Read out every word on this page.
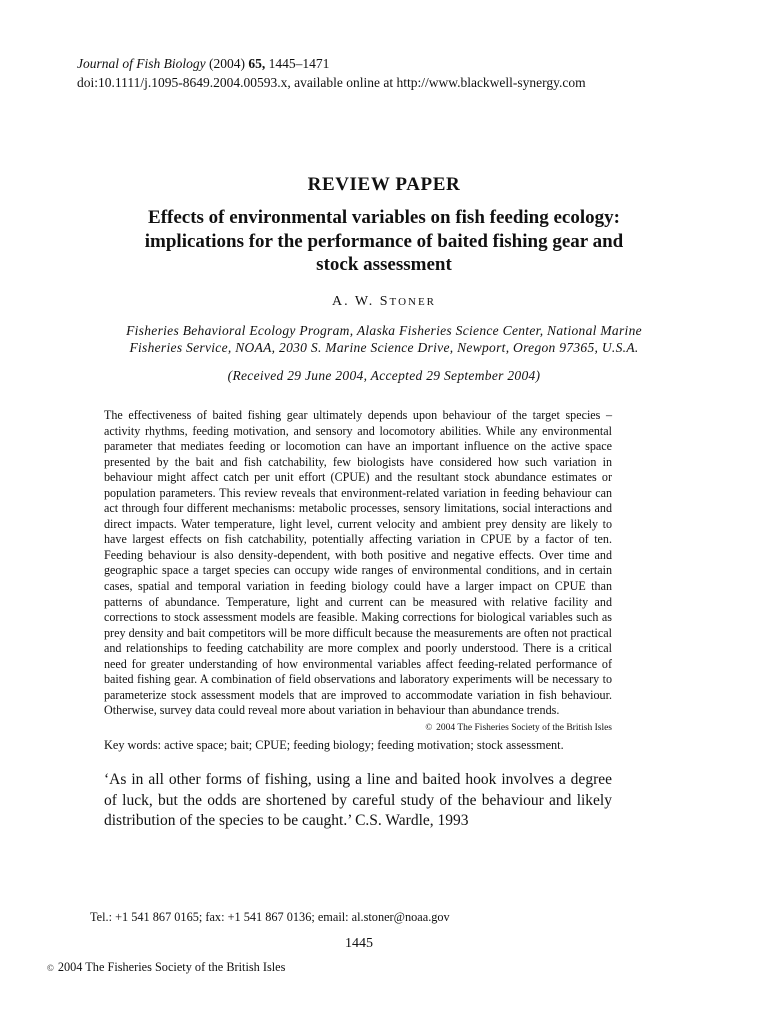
Journal of Fish Biology (2004) 65, 1445–1471
doi:10.1111/j.1095-8649.2004.00593.x, available online at http://www.blackwell-synergy.com
REVIEW PAPER
Effects of environmental variables on fish feeding ecology: implications for the performance of baited fishing gear and stock assessment
A. W. STONER
Fisheries Behavioral Ecology Program, Alaska Fisheries Science Center, National Marine Fisheries Service, NOAA, 2030 S. Marine Science Drive, Newport, Oregon 97365, U.S.A.
(Received 29 June 2004, Accepted 29 September 2004)
The effectiveness of baited fishing gear ultimately depends upon behaviour of the target species – activity rhythms, feeding motivation, and sensory and locomotory abilities. While any environmental parameter that mediates feeding or locomotion can have an important influence on the active space presented by the bait and fish catchability, few biologists have considered how such variation in behaviour might affect catch per unit effort (CPUE) and the resultant stock abundance estimates or population parameters. This review reveals that environment-related variation in feeding behaviour can act through four different mechanisms: metabolic processes, sensory limitations, social interactions and direct impacts. Water temperature, light level, current velocity and ambient prey density are likely to have largest effects on fish catchability, potentially affecting variation in CPUE by a factor of ten. Feeding behaviour is also density-dependent, with both positive and negative effects. Over time and geographic space a target species can occupy wide ranges of environmental conditions, and in certain cases, spatial and temporal variation in feeding biology could have a larger impact on CPUE than patterns of abundance. Temperature, light and current can be measured with relative facility and corrections to stock assessment models are feasible. Making corrections for biological variables such as prey density and bait competitors will be more difficult because the measurements are often not practical and relationships to feeding catchability are more complex and poorly understood. There is a critical need for greater understanding of how environmental variables affect feeding-related performance of baited fishing gear. A combination of field observations and laboratory experiments will be necessary to parameterize stock assessment models that are improved to accommodate variation in fish behaviour. Otherwise, survey data could reveal more about variation in behaviour than abundance trends.
© 2004 The Fisheries Society of the British Isles
Key words: active space; bait; CPUE; feeding biology; feeding motivation; stock assessment.
‘As in all other forms of fishing, using a line and baited hook involves a degree of luck, but the odds are shortened by careful study of the behaviour and likely distribution of the species to be caught.’ C.S. Wardle, 1993
Tel.: +1 541 867 0165; fax: +1 541 867 0136; email: al.stoner@noaa.gov
1445
© 2004 The Fisheries Society of the British Isles
